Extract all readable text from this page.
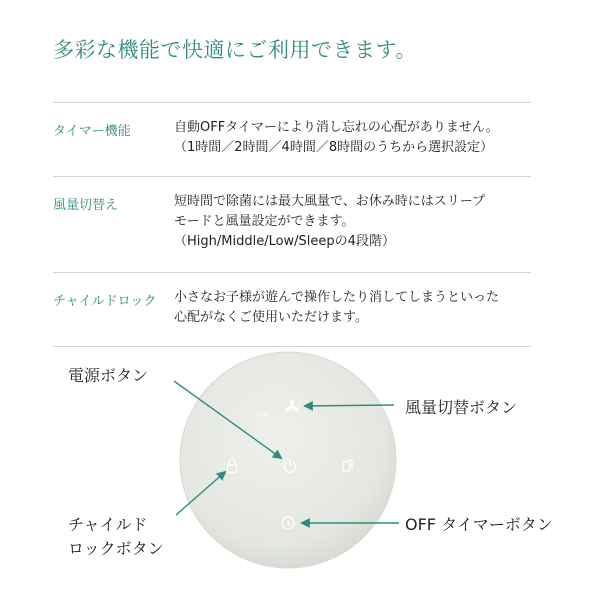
多彩な機能で快適にご利用できます。
タイマー機能	自動OFFタイマーにより消し忘れの心配がありません。
（1時間／2時間／4時間／8時間のうちから選択設定）
風量切替え	短時間で除菌には最大風量で、お休み時にはスリープ
モードと風量設定ができます。
（High/Middle/Low/Sleepの4段階）
チャイルドロック 小さなお子様が遊んで操作したり消してしまうといった
心配がなくご使用いただけます。
Low
電源ボタン
風量切替ボタン
チャイルド
ロックボタン
OFF タイマーボタン
